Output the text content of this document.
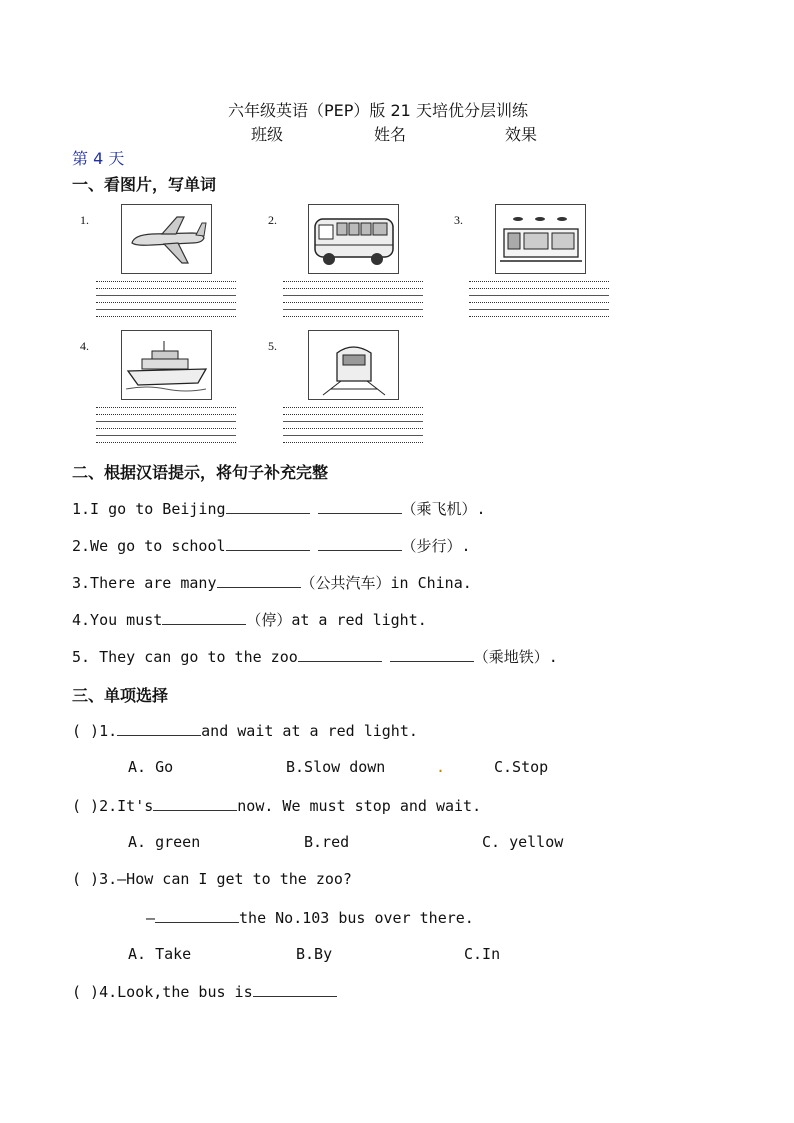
六年级英语（PEP）版 21 天培优分层训练
班级	姓名	效果
第 4 天
一、看图片，写单词
1.	2.	3.
4.	5.
二、根据汉语提示，将句子补充完整
1.I go to Beijing	（乘飞机）.
2.We go to school	（步行）.
3.There are many	（公共汽车）in China.
4.You must	（停）at a red light.
5. They can go to the zoo	（乘地铁）.
三、单项选择
( )1.	and wait at a red light.
A. Go	B.Slow down	.	C.Stop
( )2.It's	now. We must stop and wait.
A. green	B.red	C. yellow
( )3.—How can I get to the zoo?
—	the No.103 bus over there.
A. Take	B.By	C.In
( )4.Look,the bus is
